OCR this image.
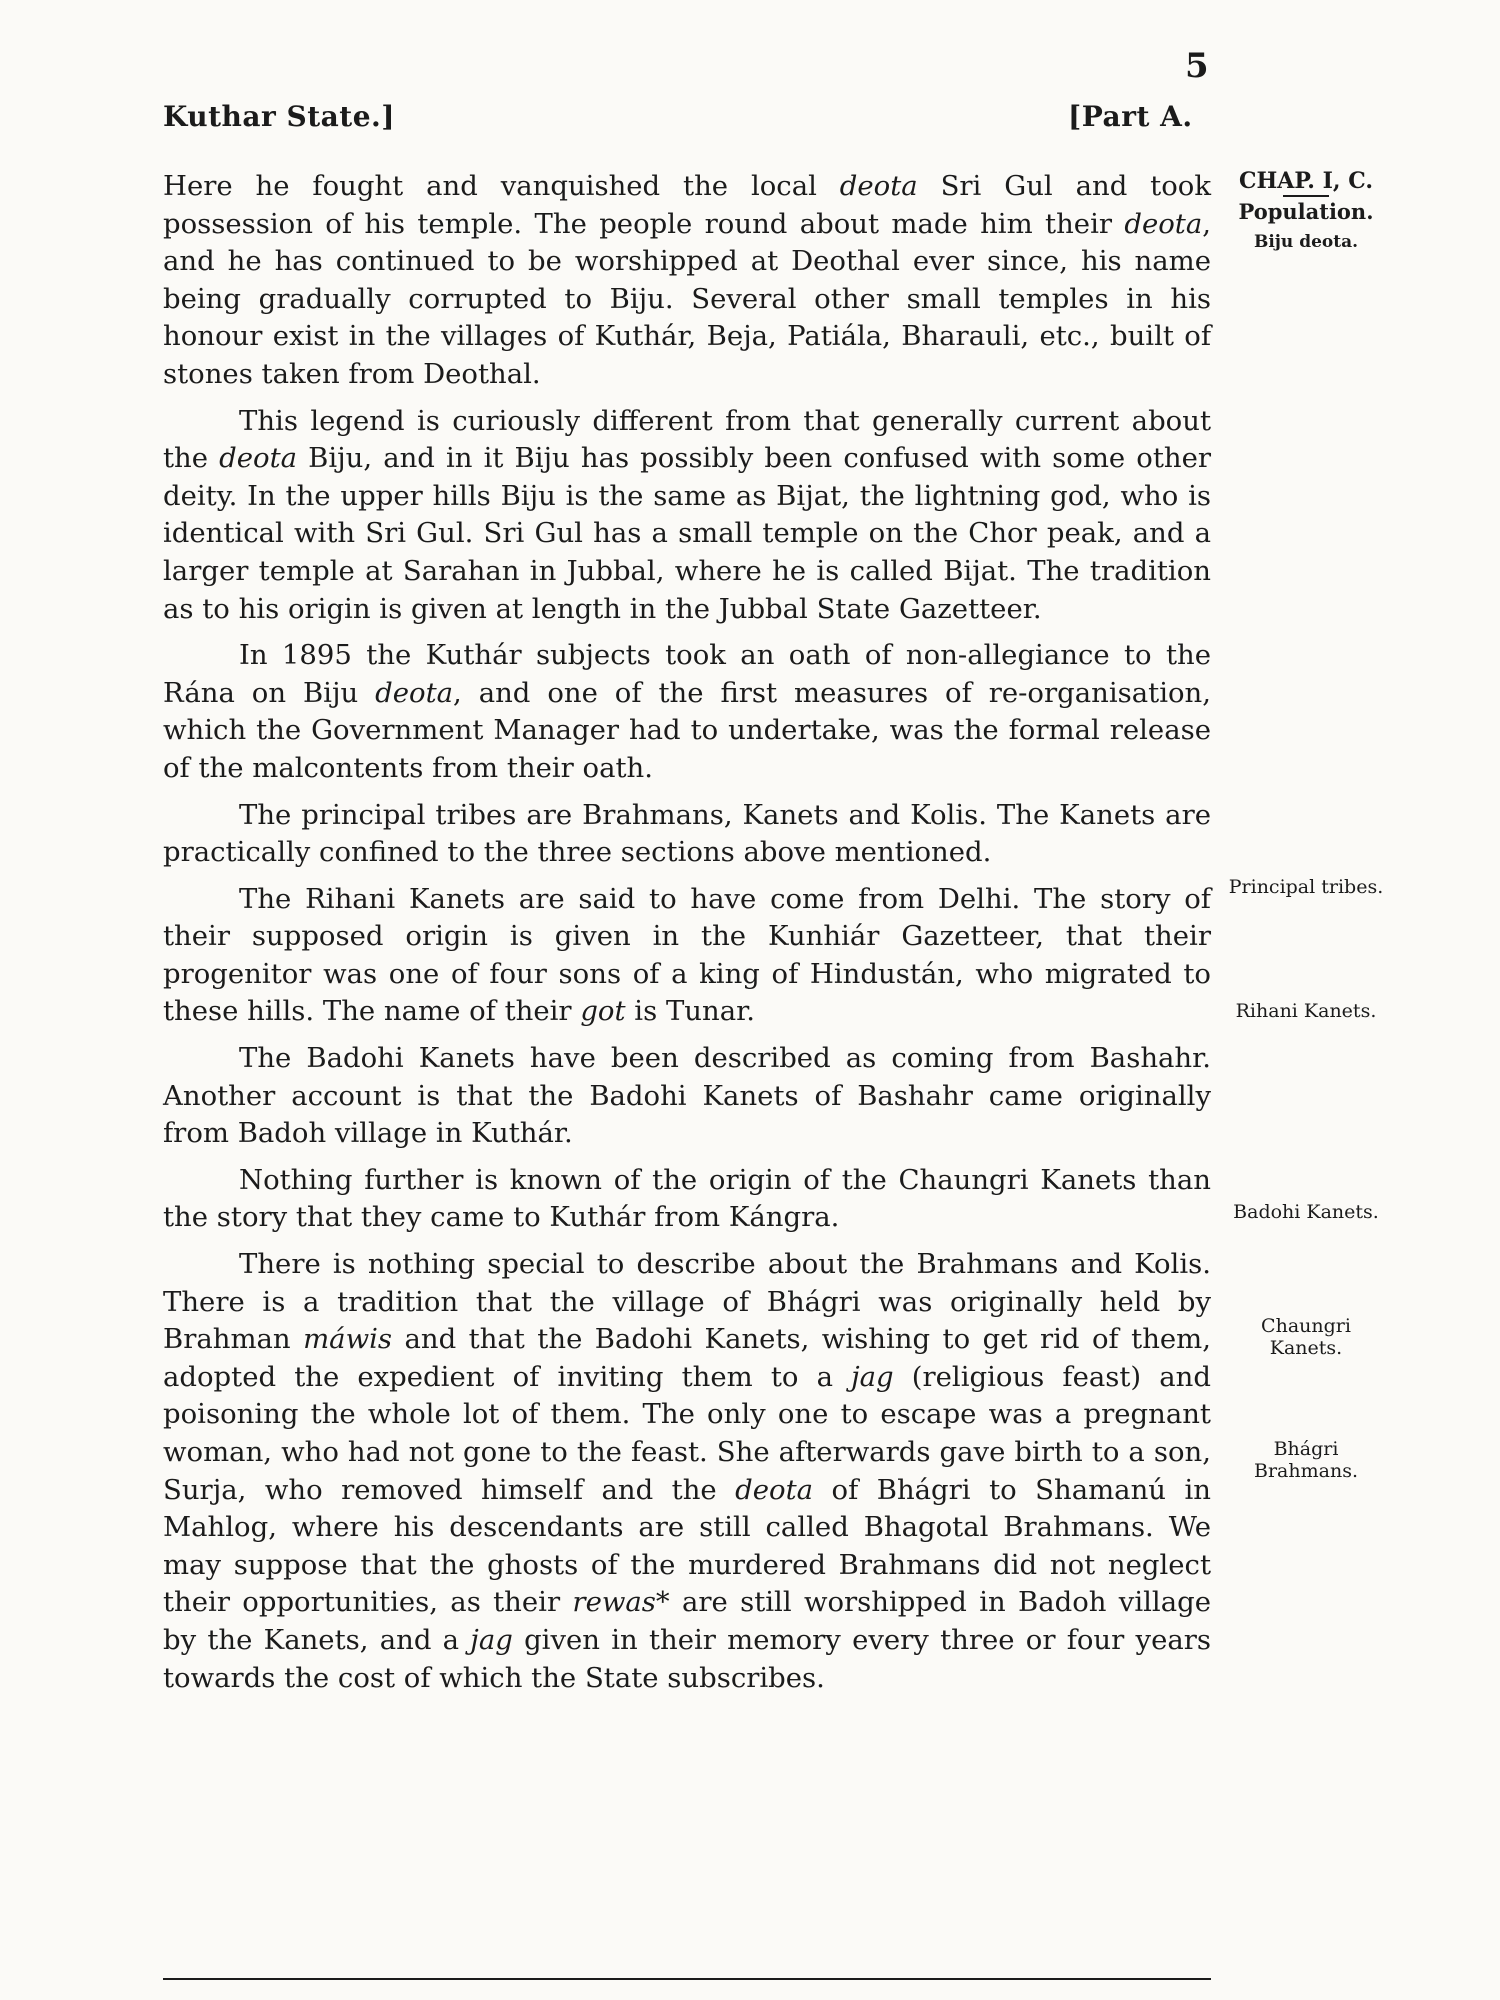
5
Kuthar State.]	[Part A.
CHAP. I, C.
Population.
Biju deota.
Principal tribes.
Rihani Kanets.
Badohi Kanets.
Chaungri Kanets.
Bhágri Brahmans.

Here he fought and vanquished the local deota Sri Gul and took possession of his temple. The people round about made him their deota, and he has continued to be worshipped at Deothal ever since, his name being gradually corrupted to Biju. Several other small temples in his honour exist in the villages of Kuthár, Beja, Patiála, Bharauli, etc., built of stones taken from Deothal.

This legend is curiously different from that generally current about the deota Biju, and in it Biju has possibly been confused with some other deity. In the upper hills Biju is the same as Bijat, the lightning god, who is identical with Sri Gul. Sri Gul has a small temple on the Chor peak, and a larger temple at Sarahan in Jubbal, where he is called Bijat. The tradition as to his origin is given at length in the Jubbal State Gazetteer.

In 1895 the Kuthár subjects took an oath of non-allegiance to the Rána on Biju deota, and one of the first measures of re-organisation, which the Government Manager had to undertake, was the formal release of the malcontents from their oath.

The principal tribes are Brahmans, Kanets and Kolis. The Kanets are practically confined to the three sections above mentioned.

The Rihani Kanets are said to have come from Delhi. The story of their supposed origin is given in the Kunhiár Gazetteer, that their progenitor was one of four sons of a king of Hindustán, who migrated to these hills. The name of their got is Tunar.

The Badohi Kanets have been described as coming from Bashahr. Another account is that the Badohi Kanets of Bashahr came originally from Badoh village in Kuthár.

Nothing further is known of the origin of the Chaungri Kanets than the story that they came to Kuthár from Kángra.

There is nothing special to describe about the Brahmans and Kolis. There is a tradition that the village of Bhágri was originally held by Brahman máwis and that the Badohi Kanets, wishing to get rid of them, adopted the expedient of inviting them to a jag (religious feast) and poisoning the whole lot of them. The only one to escape was a pregnant woman, who had not gone to the feast. She afterwards gave birth to a son, Surja, who removed himself and the deota of Bhágri to Shamanú in Mahlog, where his descendants are still called Bhagotal Brahmans. We may suppose that the ghosts of the murdered Brahmans did not neglect their opportunities, as their rewas* are still worshipped in Badoh village by the Kanets, and a jag given in their memory every three or four years towards the cost of which the State subscribes.
